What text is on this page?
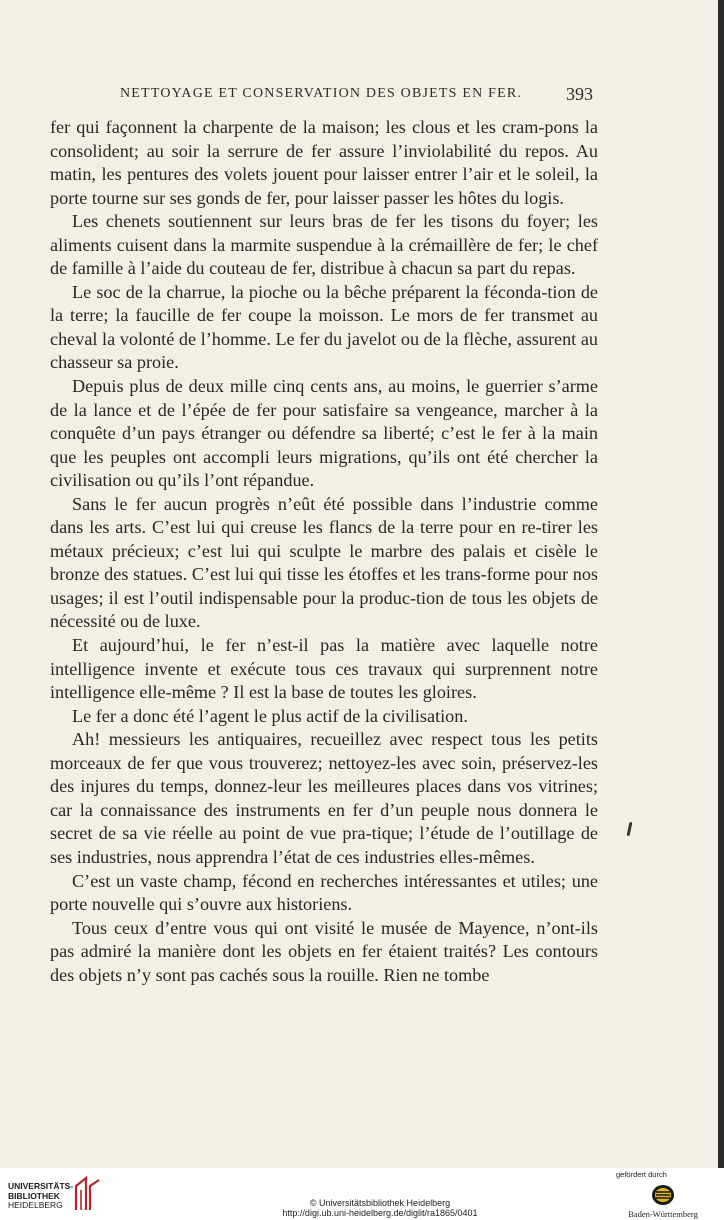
NETTOYAGE ET CONSERVATION DES OBJETS EN FER.	393

fer qui façonnent la charpente de la maison; les clous et les cram-pons la consolident; au soir la serrure de fer assure l’inviolabilité du repos. Au matin, les pentures des volets jouent pour laisser entrer l’air et le soleil, la porte tourne sur ses gonds de fer, pour laisser passer les hôtes du logis.

Les chenets soutiennent sur leurs bras de fer les tisons du foyer; les aliments cuisent dans la marmite suspendue à la crémaillère de fer; le chef de famille à l’aide du couteau de fer, distribue à chacun sa part du repas.

Le soc de la charrue, la pioche ou la bêche préparent la féconda-tion de la terre; la faucille de fer coupe la moisson. Le mors de fer transmet au cheval la volonté de l’homme. Le fer du javelot ou de la flèche, assurent au chasseur sa proie.

Depuis plus de deux mille cinq cents ans, au moins, le guerrier s’arme de la lance et de l’épée de fer pour satisfaire sa vengeance, marcher à la conquête d’un pays étranger ou défendre sa liberté; c’est le fer à la main que les peuples ont accompli leurs migrations, qu’ils ont été chercher la civilisation ou qu’ils l’ont répandue.

Sans le fer aucun progrès n’eût été possible dans l’industrie comme dans les arts. C’est lui qui creuse les flancs de la terre pour en re-tirer les métaux précieux; c’est lui qui sculpte le marbre des palais et cisèle le bronze des statues. C’est lui qui tisse les étoffes et les trans-forme pour nos usages; il est l’outil indispensable pour la produc-tion de tous les objets de nécessité ou de luxe.

Et aujourd’hui, le fer n’est-il pas la matière avec laquelle notre intelligence invente et exécute tous ces travaux qui surprennent notre intelligence elle-même ? Il est la base de toutes les gloires.

Le fer a donc été l’agent le plus actif de la civilisation.

Ah! messieurs les antiquaires, recueillez avec respect tous les petits morceaux de fer que vous trouverez; nettoyez-les avec soin, préservez-les des injures du temps, donnez-leur les meilleures places dans vos vitrines; car la connaissance des instruments en fer d’un peuple nous donnera le secret de sa vie réelle au point de vue pra-tique; l’étude de l’outillage de ses industries, nous apprendra l’état de ces industries elles-mêmes.

C’est un vaste champ, fécond en recherches intéressantes et utiles; une porte nouvelle qui s’ouvre aux historiens.

Tous ceux d’entre vous qui ont visité le musée de Mayence, n’ont-ils pas admiré la manière dont les objets en fer étaient traités? Les contours des objets n’y sont pas cachés sous la rouille. Rien ne tombe

UNIVERSITÄTS-
BIBLIOTHEK
HEIDELBERG	© Universitätsbibliothek Heidelberg
http://digi.ub.uni-heidelberg.de/diglit/ra1865/0401
gefördert durch
Baden-Württemberg
